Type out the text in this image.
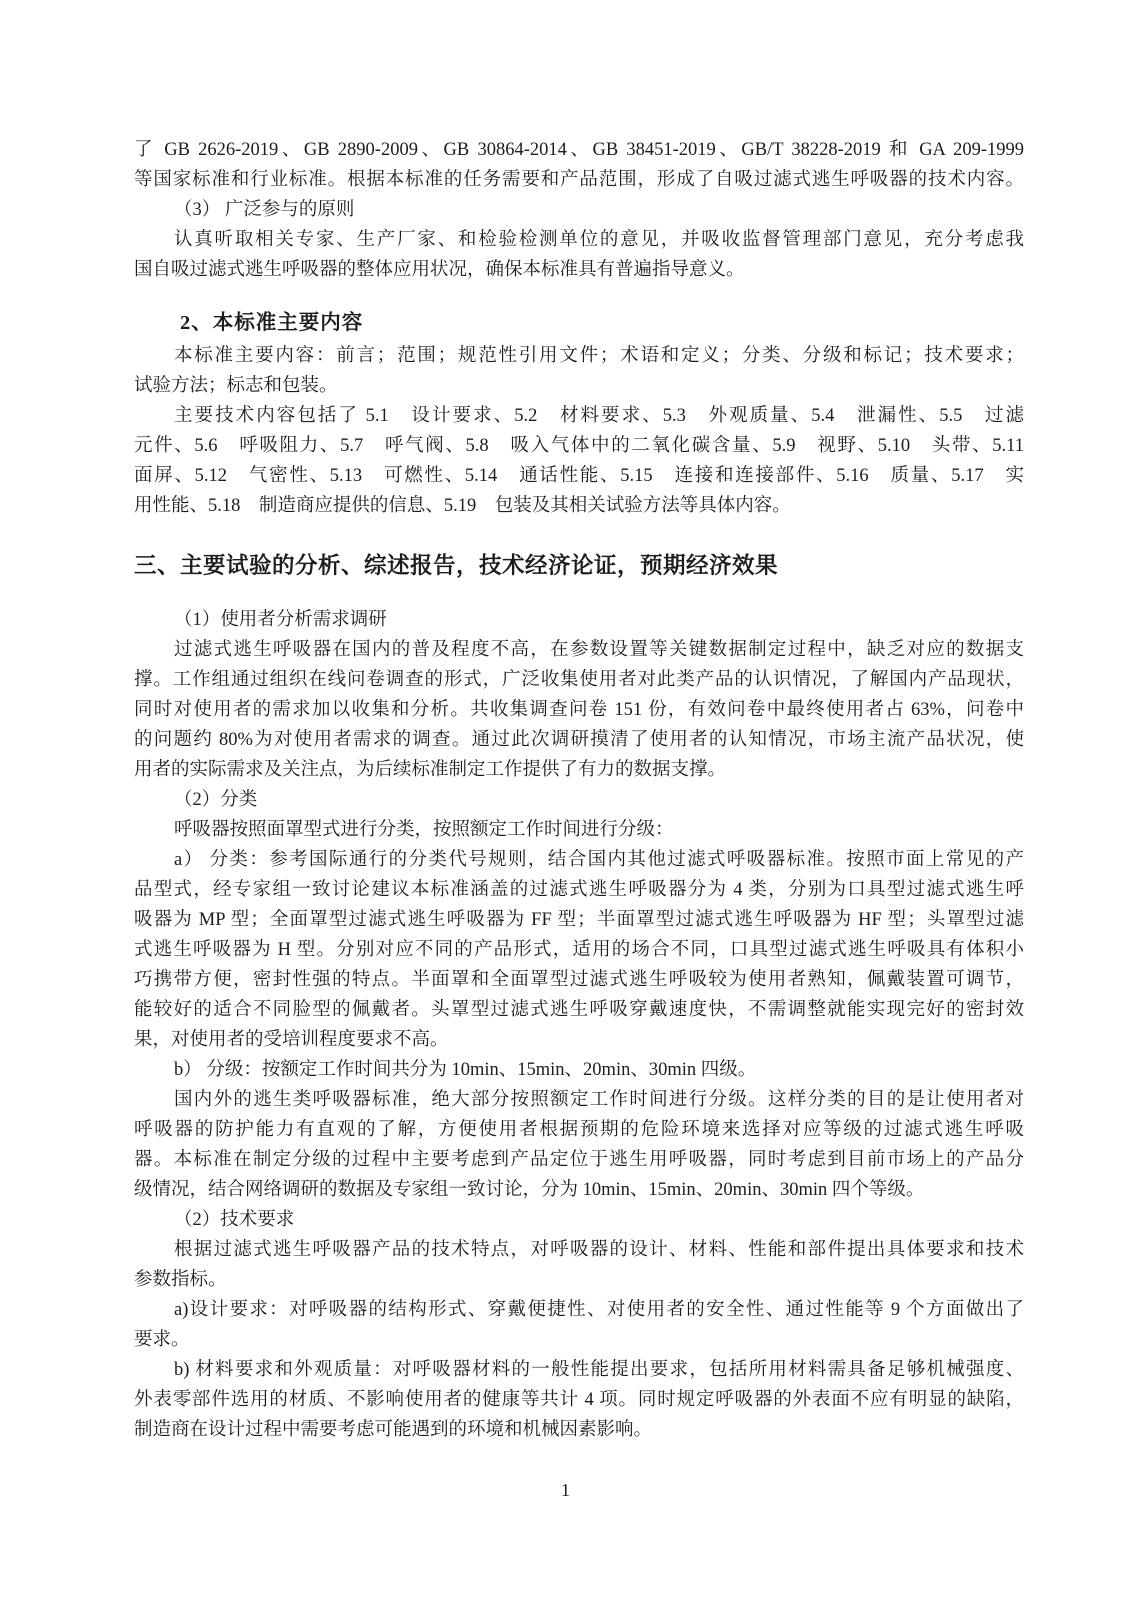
了 GB 2626-2019、GB 2890-2009、GB 30864-2014、GB 38451-2019、GB/T 38228-2019 和 GA 209-1999
等国家标准和行业标准。根据本标准的任务需要和产品范围，形成了自吸过滤式逃生呼吸器的技术内容。
（3） 广泛参与的原则
认真听取相关专家、生产厂家、和检验检测单位的意见，并吸收监督管理部门意见，充分考虑我
国自吸过滤式逃生呼吸器的整体应用状况，确保本标准具有普遍指导意义。
2、本标准主要内容
本标准主要内容：前言；范围；规范性引用文件；术语和定义；分类、分级和标记；技术要求；
试验方法；标志和包装。
主要技术内容包括了 5.1　设计要求、5.2　材料要求、5.3　外观质量、5.4　泄漏性、5.5　过滤
元件、5.6　呼吸阻力、5.7　呼气阀、5.8　吸入气体中的二氧化碳含量、5.9　视野、5.10　头带、5.11
面屏、5.12　气密性、5.13　可燃性、5.14　通话性能、5.15　连接和连接部件、5.16　质量、5.17　实
用性能、5.18　制造商应提供的信息、5.19　包装及其相关试验方法等具体内容。
三、主要试验的分析、综述报告，技术经济论证，预期经济效果
（1）使用者分析需求调研
过滤式逃生呼吸器在国内的普及程度不高，在参数设置等关键数据制定过程中，缺乏对应的数据支
撑。工作组通过组织在线问卷调查的形式，广泛收集使用者对此类产品的认识情况，了解国内产品现状，
同时对使用者的需求加以收集和分析。共收集调查问卷 151 份，有效问卷中最终使用者占 63%，问卷中
的问题约 80%为对使用者需求的调查。通过此次调研摸清了使用者的认知情况，市场主流产品状况，使
用者的实际需求及关注点，为后续标准制定工作提供了有力的数据支撑。
（2）分类
呼吸器按照面罩型式进行分类，按照额定工作时间进行分级：
a） 分类：参考国际通行的分类代号规则，结合国内其他过滤式呼吸器标准。按照市面上常见的产
品型式，经专家组一致讨论建议本标准涵盖的过滤式逃生呼吸器分为 4 类，分别为口具型过滤式逃生呼
吸器为 MP 型；全面罩型过滤式逃生呼吸器为 FF 型；半面罩型过滤式逃生呼吸器为 HF 型；头罩型过滤
式逃生呼吸器为 H 型。分别对应不同的产品形式，适用的场合不同，口具型过滤式逃生呼吸具有体积小
巧携带方便，密封性强的特点。半面罩和全面罩型过滤式逃生呼吸较为使用者熟知，佩戴装置可调节，
能较好的适合不同脸型的佩戴者。头罩型过滤式逃生呼吸穿戴速度快，不需调整就能实现完好的密封效
果，对使用者的受培训程度要求不高。
b） 分级：按额定工作时间共分为 10min、15min、20min、30min 四级。
国内外的逃生类呼吸器标准，绝大部分按照额定工作时间进行分级。这样分类的目的是让使用者对
呼吸器的防护能力有直观的了解，方便使用者根据预期的危险环境来选择对应等级的过滤式逃生呼吸
器。本标准在制定分级的过程中主要考虑到产品定位于逃生用呼吸器，同时考虑到目前市场上的产品分
级情况，结合网络调研的数据及专家组一致讨论，分为 10min、15min、20min、30min 四个等级。
（2）技术要求
根据过滤式逃生呼吸器产品的技术特点，对呼吸器的设计、材料、性能和部件提出具体要求和技术
参数指标。
a)设计要求：对呼吸器的结构形式、穿戴便捷性、对使用者的安全性、通过性能等 9 个方面做出了
要求。
b) 材料要求和外观质量：对呼吸器材料的一般性能提出要求，包括所用材料需具备足够机械强度、
外表零部件选用的材质、不影响使用者的健康等共计 4 项。同时规定呼吸器的外表面不应有明显的缺陷，
制造商在设计过程中需要考虑可能遇到的环境和机械因素影响。
1
